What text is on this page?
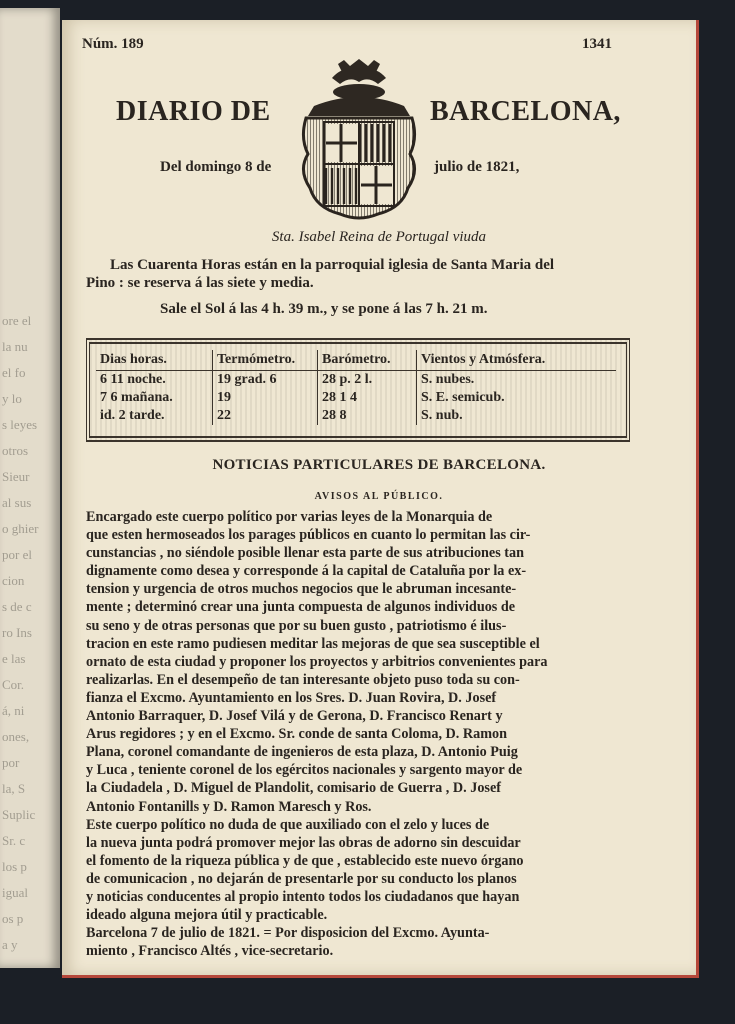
ore el
la nu
el fo
y lo
s leyes
otros
Sieur
al sus
o ghier
por el
cion
s de c
ro Ins
e las
Cor.
á, ni
ones,
por
la, S
Suplic
Sr. c
los p
igual
os p
a y
Núm. 189	1341
DIARIO DE	BARCELONA,
Del domingo 8 de	julio de 1821,
Sta. Isabel Reina de Portugal viuda
Las Cuarenta Horas están en la parroquial iglesia de Santa Maria del
Pino : se reserva á las siete y media.
Sale el Sol á las 4 h. 39 m., y se pone á las 7 h. 21 m.
Dias horas.	Termómetro.	Barómetro.	Vientos y Atmósfera.
6 11 noche.	19 grad. 6	28 p. 2 l.	S. nubes.
7 6 mañana.	19	28 1 4	S. E. semicub.
id. 2 tarde.	22	28 8	S. nub.
NOTICIAS PARTICULARES DE BARCELONA.
AVISOS AL PÚBLICO.
Encargado este cuerpo político por varias leyes de la Monarquia de
que esten hermoseados los parages públicos en cuanto lo permitan las cir-
cunstancias , no siéndole posible llenar esta parte de sus atribuciones tan
dignamente como desea y corresponde á la capital de Cataluña por la ex-
tension y urgencia de otros muchos negocios que le abruman incesante-
mente ; determinó crear una junta compuesta de algunos individuos de
su seno y de otras personas que por su buen gusto , patriotismo é ilus-
tracion en este ramo pudiesen meditar las mejoras de que sea susceptible el
ornato de esta ciudad y proponer los proyectos y arbitrios convenientes para
realizarlas. En el desempeño de tan interesante objeto puso toda su con-
fianza el Excmo. Ayuntamiento en los Sres. D. Juan Rovira, D. Josef
Antonio Barraquer, D. Josef Vilá y de Gerona, D. Francisco Renart y
Arus regidores ; y en el Excmo. Sr. conde de santa Coloma, D. Ramon
Plana, coronel comandante de ingenieros de esta plaza, D. Antonio Puig
y Luca , teniente coronel de los egércitos nacionales y sargento mayor de
la Ciudadela , D. Miguel de Plandolit, comisario de Guerra , D. Josef
Antonio Fontanills y D. Ramon Maresch y Ros.
Este cuerpo político no duda de que auxiliado con el zelo y luces de
la nueva junta podrá promover mejor las obras de adorno sin descuidar
el fomento de la riqueza pública y de que , establecido este nuevo órgano
de comunicacion , no dejarán de presentarle por su conducto los planos
y noticias conducentes al propio intento todos los ciudadanos que hayan
ideado alguna mejora útil y practicable.
Barcelona 7 de julio de 1821. = Por disposicion del Excmo. Ayunta-
miento , Francisco Altés , vice-secretario.
